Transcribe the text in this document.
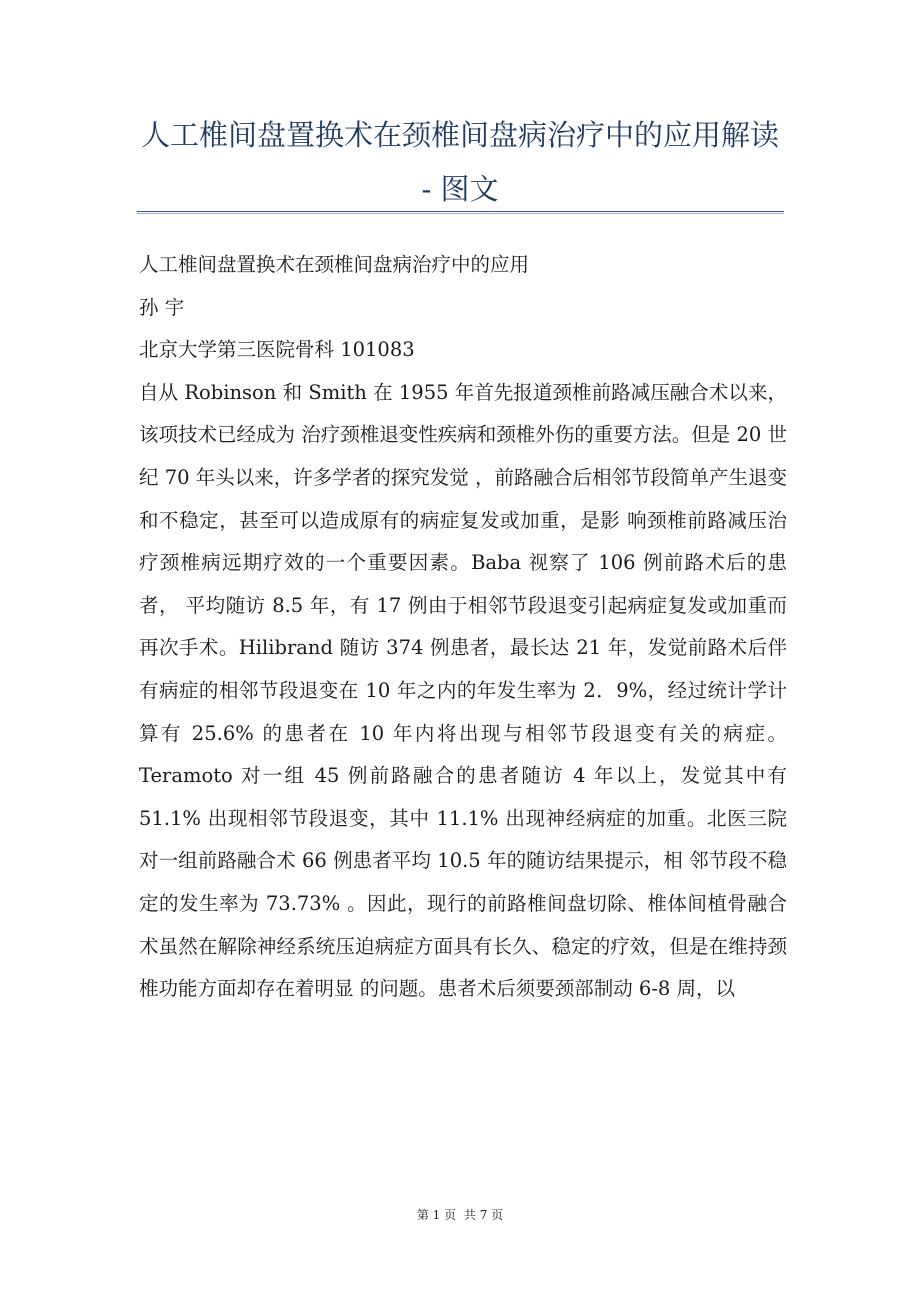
人工椎间盘置换术在颈椎间盘病治疗中的应用解读
- 图文

人工椎间盘置换术在颈椎间盘病治疗中的应用

孙 宇

北京大学第三医院骨科 101083

自从 Robinson 和 Smith 在 1955 年首先报道颈椎前路减压融合术以来，该项技术已经成为 治疗颈椎退变性疾病和颈椎外伤的重要方法。但是 20 世纪 70 年头以来，许多学者的探究发觉 ，前路融合后相邻节段简单产生退变和不稳定，甚至可以造成原有的病症复发或加重，是影 响颈椎前路减压治疗颈椎病远期疗效的一个重要因素。Baba 视察了 106 例前路术后的患者， 平均随访 8.5 年，有 17 例由于相邻节段退变引起病症复发或加重而再次手术。Hilibrand 随访 374 例患者，最长达 21 年，发觉前路术后伴有病症的相邻节段退变在 10 年之内的年发生率为 2．9%，经过统计学计算有 25.6% 的患者在 10 年内将出现与相邻节段退变有关的病症。Teramoto 对一组 45 例前路融合的患者随访 4 年以上，发觉其中有 51.1% 出现相邻节段退变，其中 11.1% 出现神经病症的加重。北医三院对一组前路融合术 66 例患者平均 10.5 年的随访结果提示，相 邻节段不稳定的发生率为 73.73% 。因此，现行的前路椎间盘切除、椎体间植骨融合术虽然在解除神经系统压迫病症方面具有长久、稳定的疗效，但是在维持颈椎功能方面却存在着明显 的问题。患者术后须要颈部制动 6-8 周，以

第 1 页 共 7 页
